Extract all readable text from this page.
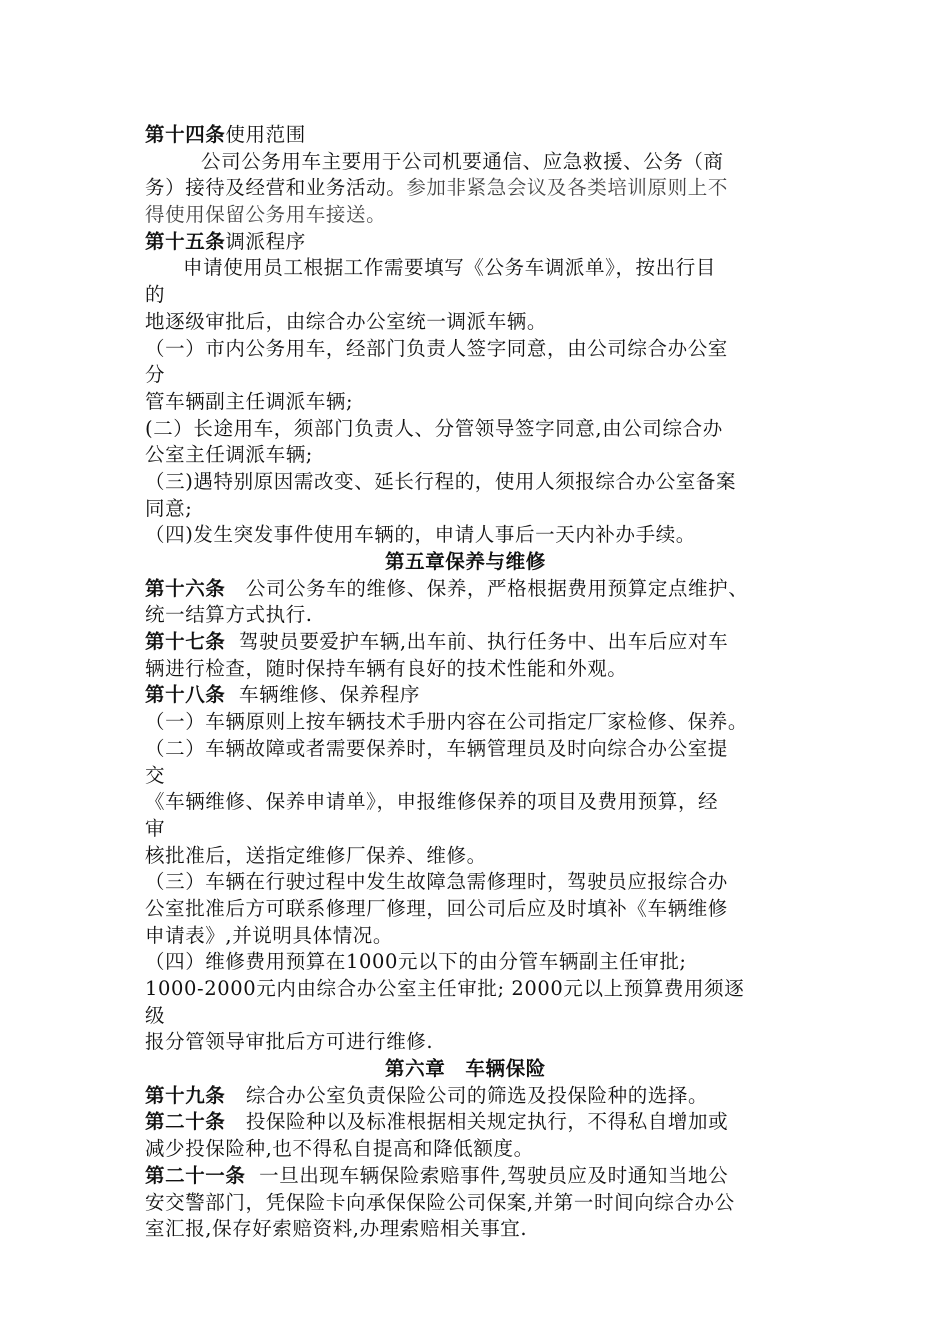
第十四条使用范围
公司公务用车主要用于公司机要通信、应急救援、公务（商
务）接待及经营和业务活动。参加非紧急会议及各类培训原则上不
得使用保留公务用车接送。
第十五条调派程序
申请使用员工根据工作需要填写《公务车调派单》，按出行目
的
地逐级审批后，由综合办公室统一调派车辆。
（一）市内公务用车，经部门负责人签字同意，由公司综合办公室
分
管车辆副主任调派车辆;
(二）长途用车，须部门负责人、分管领导签字同意,由公司综合办
公室主任调派车辆;
（三)遇特别原因需改变、延长行程的，使用人须报综合办公室备案
同意;
（四)发生突发事件使用车辆的，申请人事后一天内补办手续。
第五章保养与维修
第十六条 公司公务车的维修、保养，严格根据费用预算定点维护、
统一结算方式执行.
第十七条 驾驶员要爱护车辆,出车前、执行任务中、出车后应对车
辆进行检查，随时保持车辆有良好的技术性能和外观。
第十八条 车辆维修、保养程序
（一）车辆原则上按车辆技术手册内容在公司指定厂家检修、保养。
（二）车辆故障或者需要保养时，车辆管理员及时向综合办公室提
交
《车辆维修、保养申请单》，申报维修保养的项目及费用预算，经
审
核批准后，送指定维修厂保养、维修。
（三）车辆在行驶过程中发生故障急需修理时，驾驶员应报综合办
公室批准后方可联系修理厂修理，回公司后应及时填补《车辆维修
申请表》,并说明具体情况。
（四）维修费用预算在1000元以下的由分管车辆副主任审批;
1000-2000元内由综合办公室主任审批; 2000元以上预算费用须逐
级
报分管领导审批后方可进行维修.
第六章　车辆保险
第十九条 综合办公室负责保险公司的筛选及投保险种的选择。
第二十条 投保险种以及标准根据相关规定执行，不得私自增加或
减少投保险种,也不得私自提高和降低额度。
第二十一条 一旦出现车辆保险索赔事件,驾驶员应及时通知当地公
安交警部门，凭保险卡向承保保险公司保案,并第一时间向综合办公
室汇报,保存好索赔资料,办理索赔相关事宜.
